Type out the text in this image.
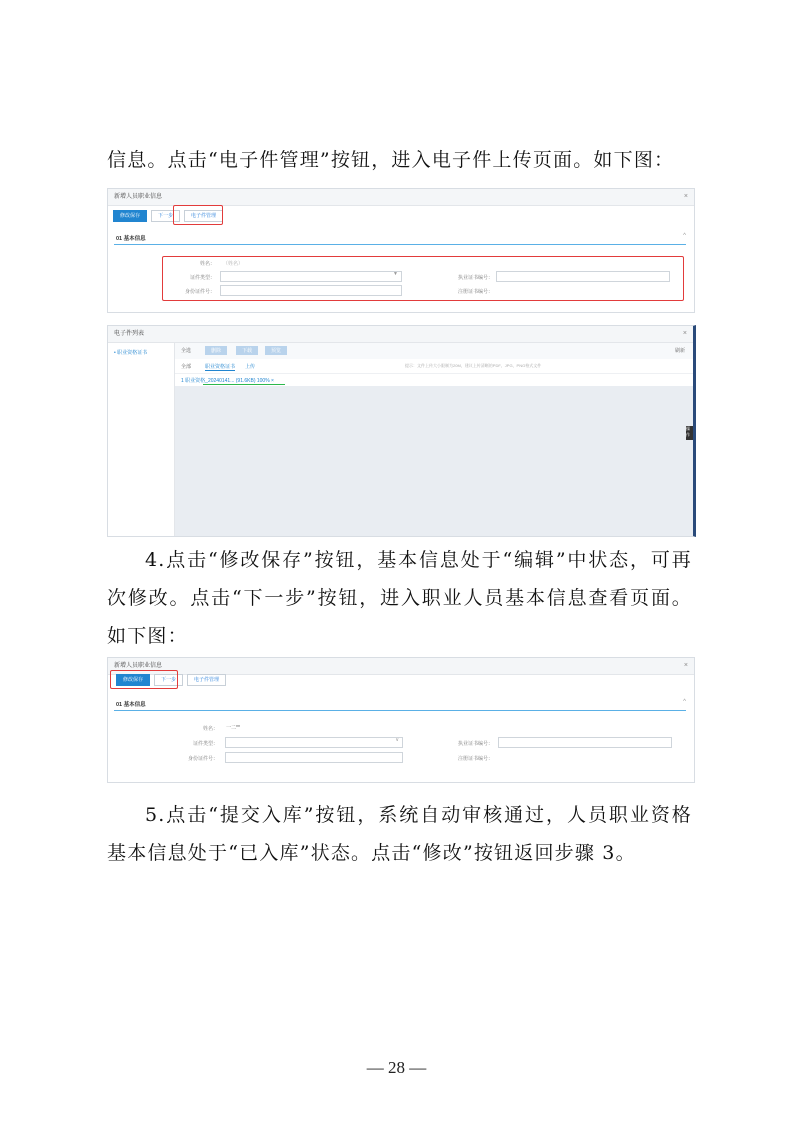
信息。点击“电子件管理”按钮，进入电子件上传页面。如下图：

新增人员职业信息	×
修改保存	下一步	电子件管理
01 基本信息	^
姓名： （姓名）
证件类型：
▼
身份证件号：
执业证书编号：
注册证书编号：
电子件列表	×
• 职业资格证书	全选	删除	下载	预览	刷新
全部	职业资格证书 上传	提示：文件上传大小限制为20M，建议上传清晰的PDF、JPG、PNG格式文件
1 职业资格_20240141... (91.6KB) 100% ×
操作

4.点击“修改保存”按钮，基本信息处于“编辑”中状态，可再次修改。点击“下一步”按钮，进入职业人员基本信息查看页面。如下图：

新增人员职业信息	×
修改保存	下一步	电子件管理
01 基本信息	^
姓名： 一二**
证件类型：
∨
身份证件号：
执业证书编号：
注册证书编号：

5.点击“提交入库”按钮，系统自动审核通过，人员职业资格基本信息处于“已入库”状态。点击“修改”按钮返回步骤 3。

— 28 —
